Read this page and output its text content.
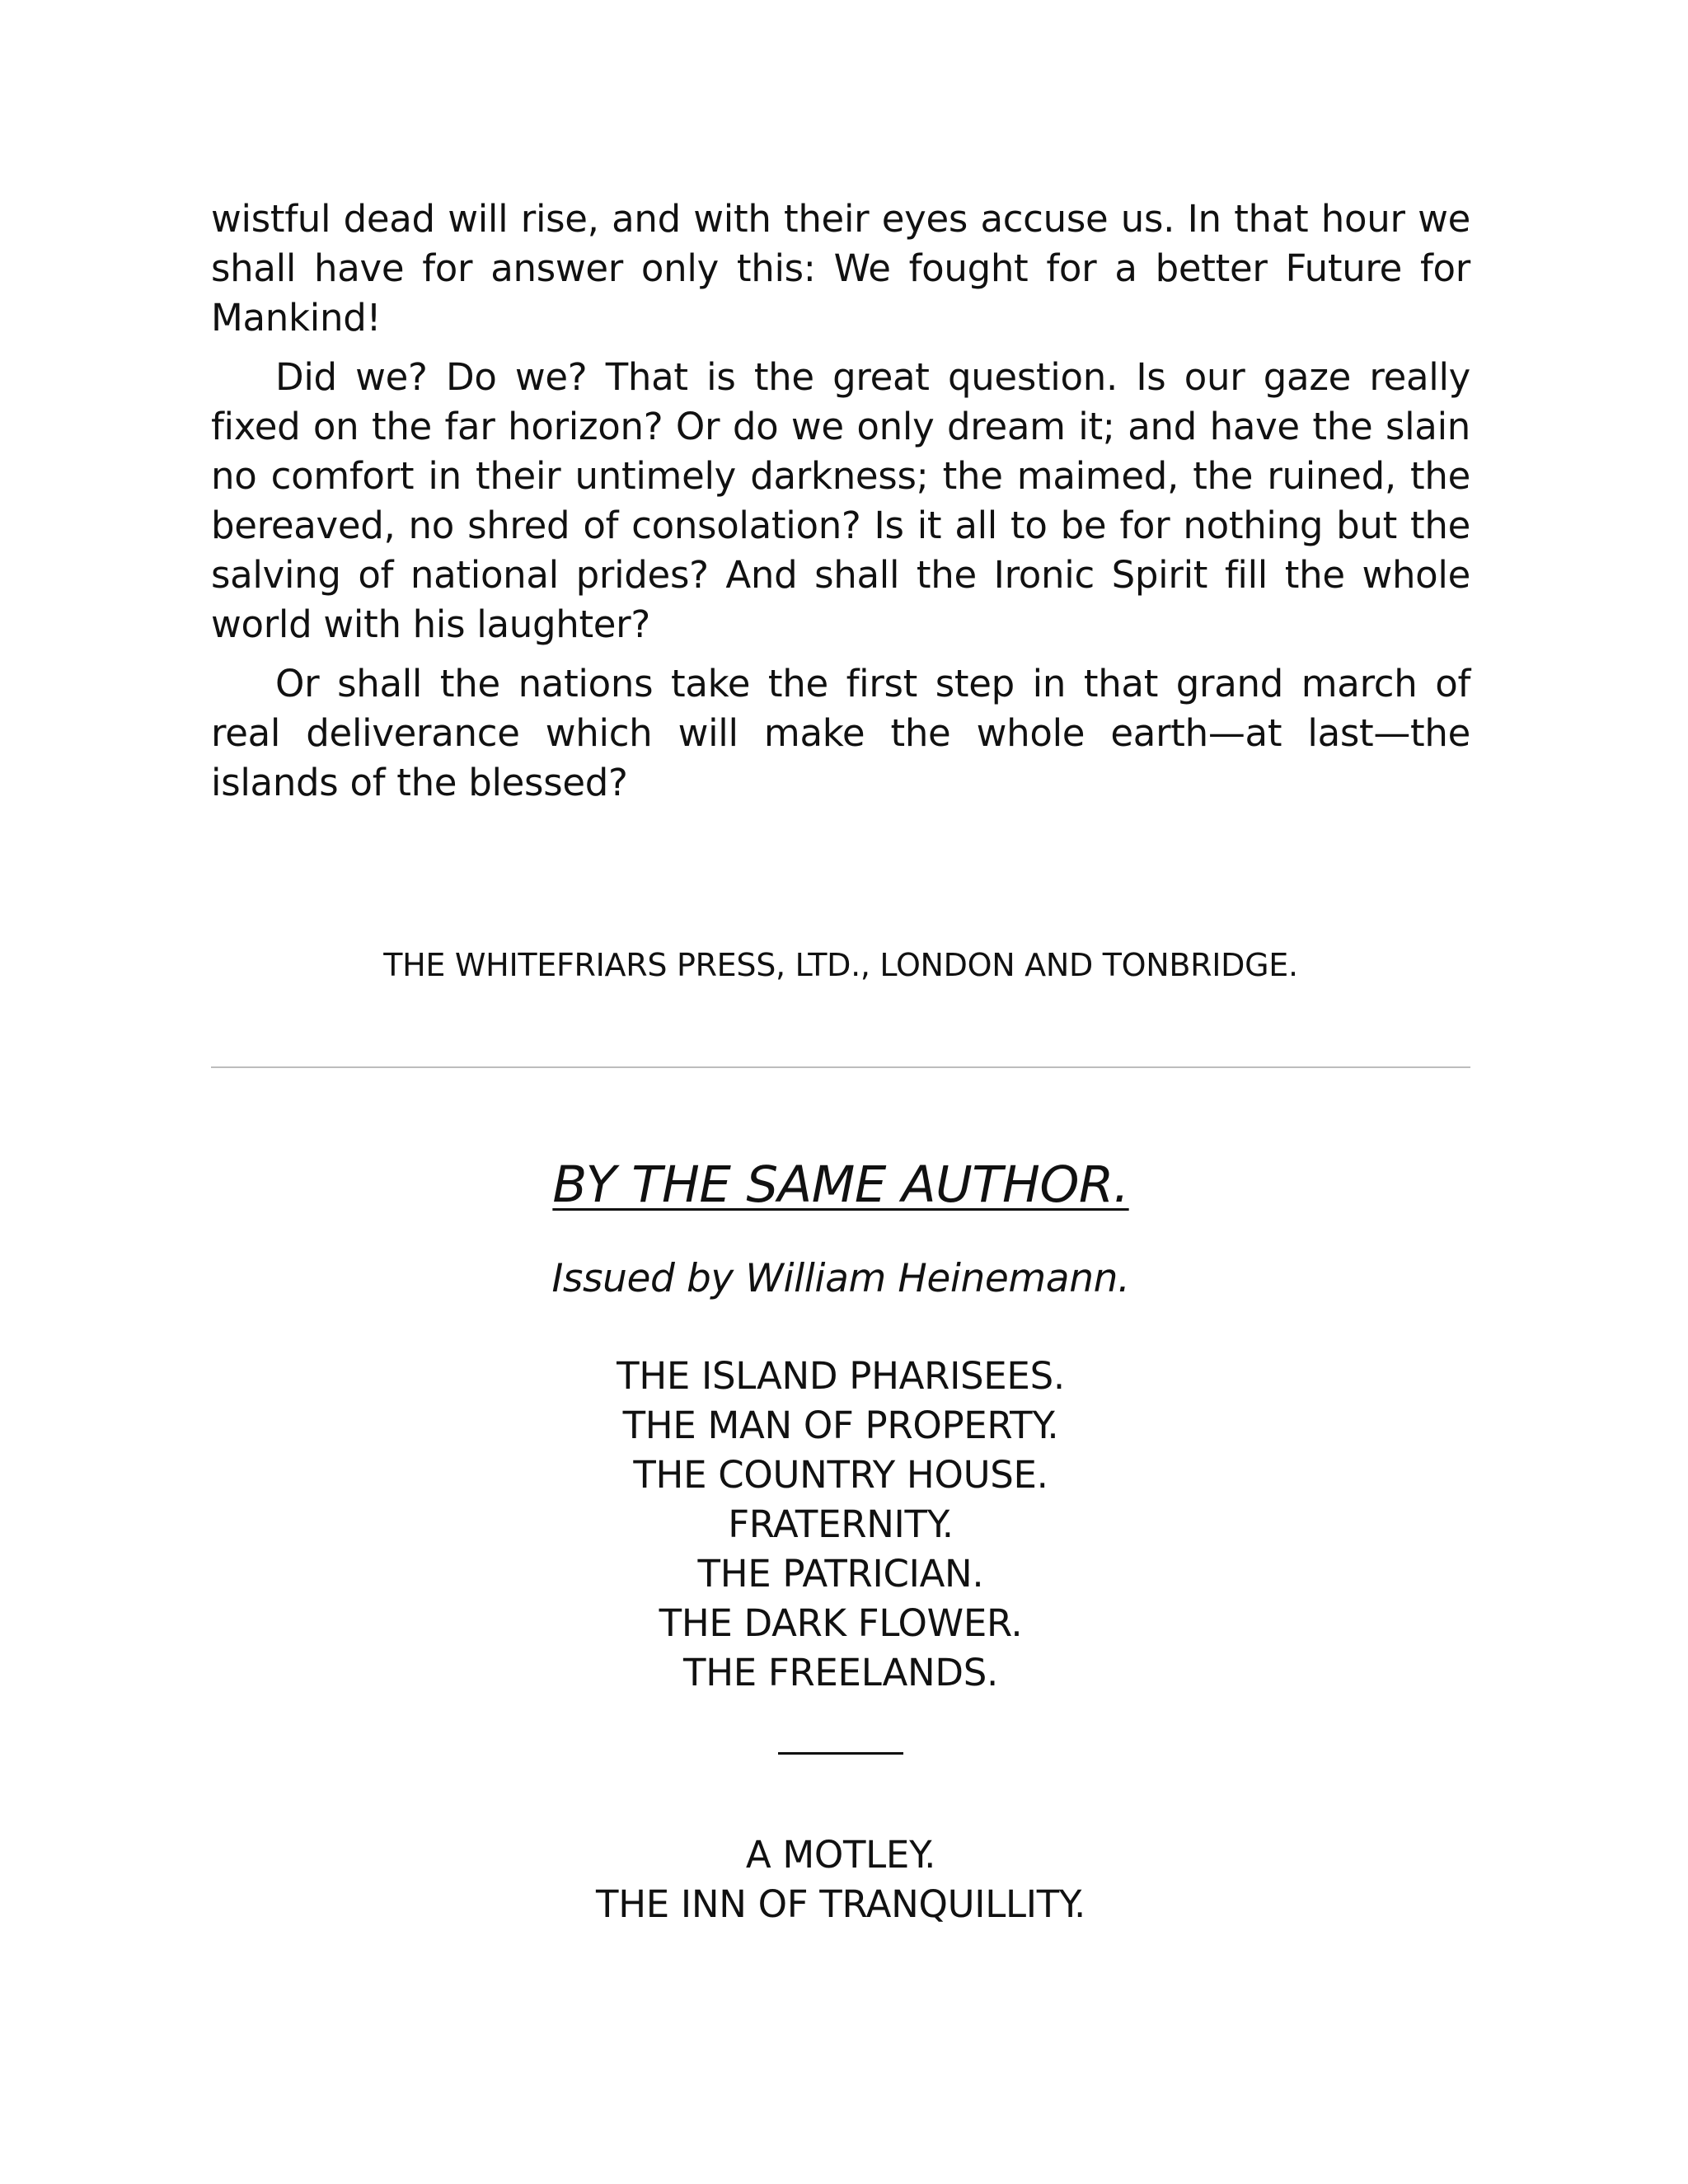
wistful dead will rise, and with their eyes accuse us. In that hour we shall have for answer only this: We fought for a better Future for Mankind!

Did we? Do we? That is the great question. Is our gaze really fixed on the far horizon? Or do we only dream it; and have the slain no comfort in their untimely darkness; the maimed, the ruined, the bereaved, no shred of consolation? Is it all to be for nothing but the salving of national prides? And shall the Ironic Spirit fill the whole world with his laughter?

Or shall the nations take the first step in that grand march of real deliverance which will make the whole earth—at last—the islands of the blessed?

THE WHITEFRIARS PRESS, LTD., LONDON AND TONBRIDGE.
BY THE SAME AUTHOR.
Issued by William Heinemann.
THE ISLAND PHARISEES.
THE MAN OF PROPERTY.
THE COUNTRY HOUSE.
FRATERNITY.
THE PATRICIAN.
THE DARK FLOWER.
THE FREELANDS.
A MOTLEY.
THE INN OF TRANQUILLITY.
